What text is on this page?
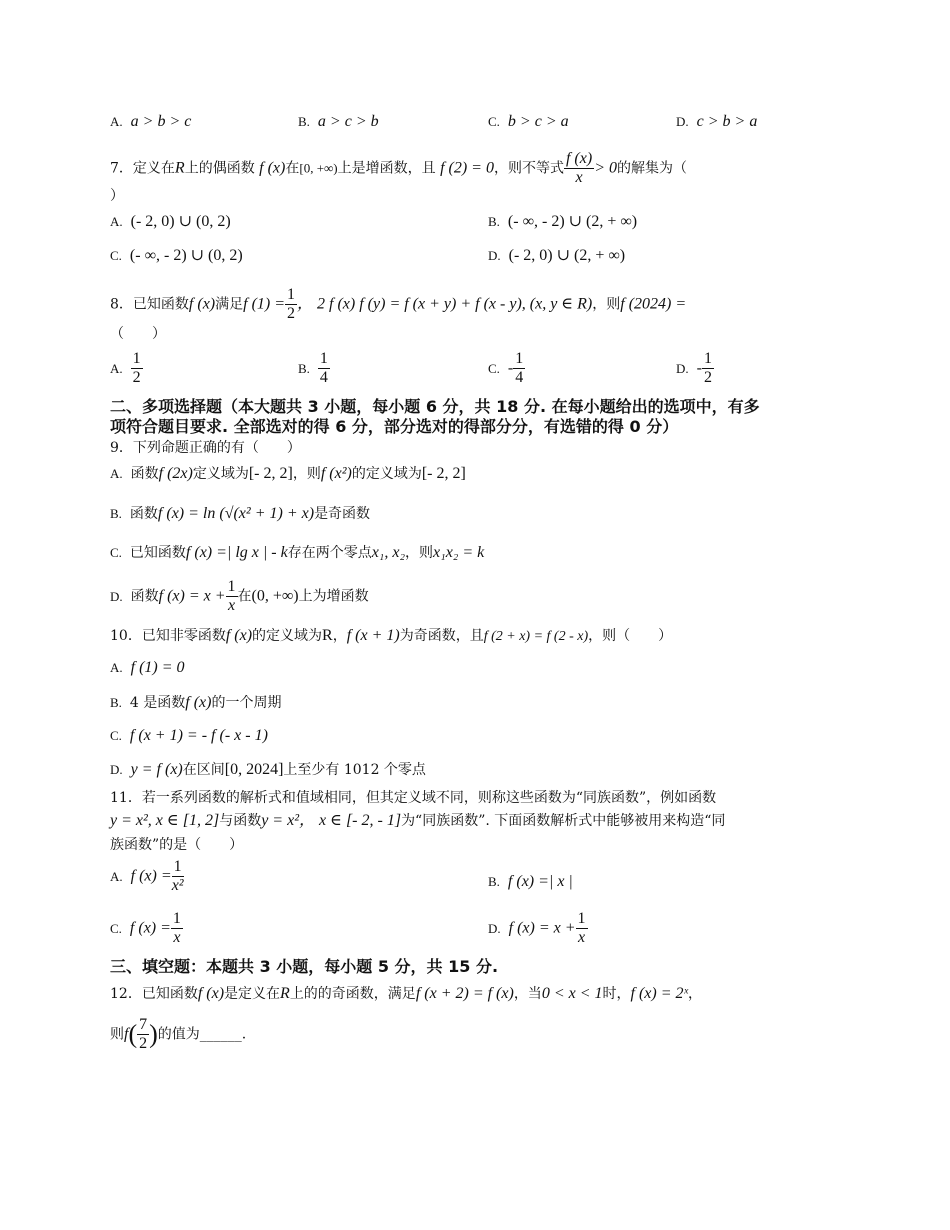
A. a > b > c	B. a > c > b	C. b > c > a	D. c > b > a
7．定义在R上的偶函数 f (x)在[0, +∞)上是增函数，且 f (2) = 0，则不等式 $\frac{f (x)}{x} > 0$的解集为（
）
A. (- 2, 0) ∪ (0, 2)	B. (- ∞, - 2) ∪ (2, + ∞)
C. (- ∞, - 2) ∪ (0, 2)	D. (- 2, 0) ∪ (2, + ∞)
8．已知函数f (x)满足f $(1) = \frac{1}{2}$ ， 2 f (x) f (y) = f (x + y) + f (x - y), (x, y ∈ R)，则f (2024) =
（　　）
A. $\frac{1}{2}$	B. $\frac{1}{4}$	C. - $\frac{1}{4}$	D. - $\frac{1}{2}$
二、多项选择题（本大题共 3 小题，每小题 6 分，共 18 分. 在每小题给出的选项中，有多
项符合题目要求. 全部选对的得 6 分，部分选对的得部分分，有选错的得 0 分）
9．下列命题正确的有（　　）
A. 函数f (2x)定义域为[- 2, 2]，则f (x²)的定义域为[- 2, 2]
B. 函数f (x) = ln (√(x² + 1) + x)是奇函数
C. 已知函数f (x) =| lg x | - k存在两个零点x₁, x₂，则x₁x₂ = k
D. 函数f $(x) = x + \frac{1}{x}$ 在(0, +∞)上为增函数
10．已知非零函数f (x)的定义域为R，f (x + 1)为奇函数，且f (2 + x) = f (2 - x)，则（　　）
A. f (1) = 0
B. 4 是函数f (x)的一个周期
C. f (x + 1) = - f (- x - 1)
D. y = f (x)在区间[0, 2024]上至少有 1012 个零点
11．若一系列函数的解析式和值域相同，但其定义域不同，则称这些函数为“同族函数”，例如函数
y = x², x ∈ [1, 2]与函数y = x²， x ∈ [- 2, - 1]为“同族函数”. 下面函数解析式中能够被用来构造“同
族函数”的是（　　）
A. f $(x) = \frac{1}{\text{x²}}$	B. f (x) =| x |
C. f $(x) = \frac{1}{x}$	D. f $(x) = x + \frac{1}{x}$
三、填空题：本题共 3 小题，每小题 5 分，共 15 分.
12．已知函数f (x)是定义在R上的的奇函数，满足f (x + 2) = f (x)，当0 < x < 1时，f (x) = 2ˣ，
则$f( \frac{7}{2}$ )的值为______.
